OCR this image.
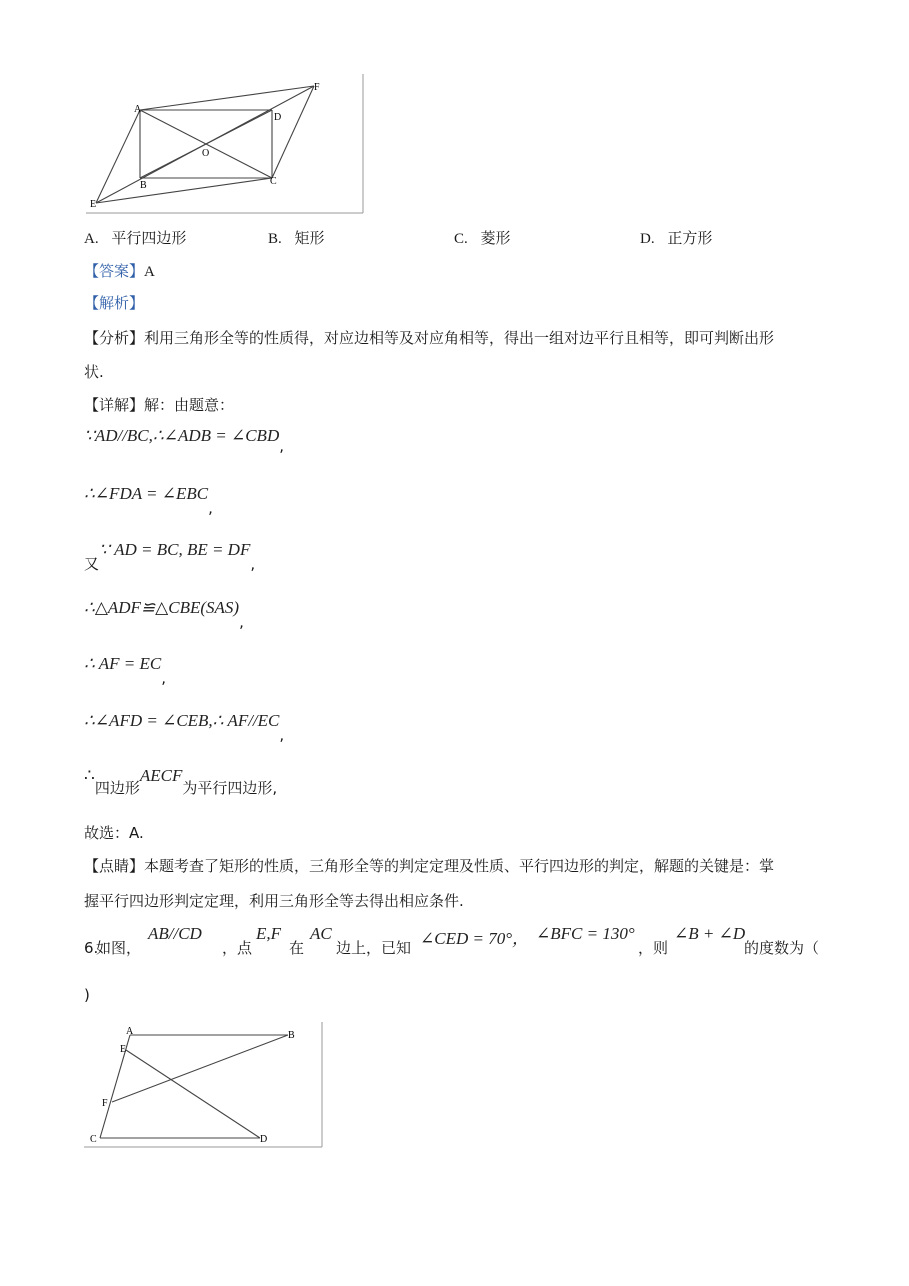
A
F
D
O
B	C
E
A. 平行四边形	B. 矩形	C. 菱形	D. 正方形
【答案】A
【解析】
【分析】利用三角形全等的性质得，对应边相等及对应角相等，得出一组对边平行且相等，即可判断出形
状.
【详解】解：由题意：
∵AD//BC,∴∠ADB = ∠CBD,
∴∠FDA = ∠EBC,
又∵ AD = BC, BE = DF,
∴△ADF≌△CBE(SAS),
∴ AF = EC,
∴∠AFD = ∠CEB,∴ AF//EC,
∴四边形AECF为平行四边形,
故选：A.
【点睛】本题考查了矩形的性质，三角形全等的判定定理及性质、平行四边形的判定，解题的关键是：掌
握平行四边形判定定理，利用三角形全等去得出相应条件.
6.
如图，
AB//CD
，点
E,F
在
AC
边上，已知 ∠CED = 70°， ∠BFC = 130°
，则
∠B + ∠D
的度数为（
)
A	B
E
F
C	D
